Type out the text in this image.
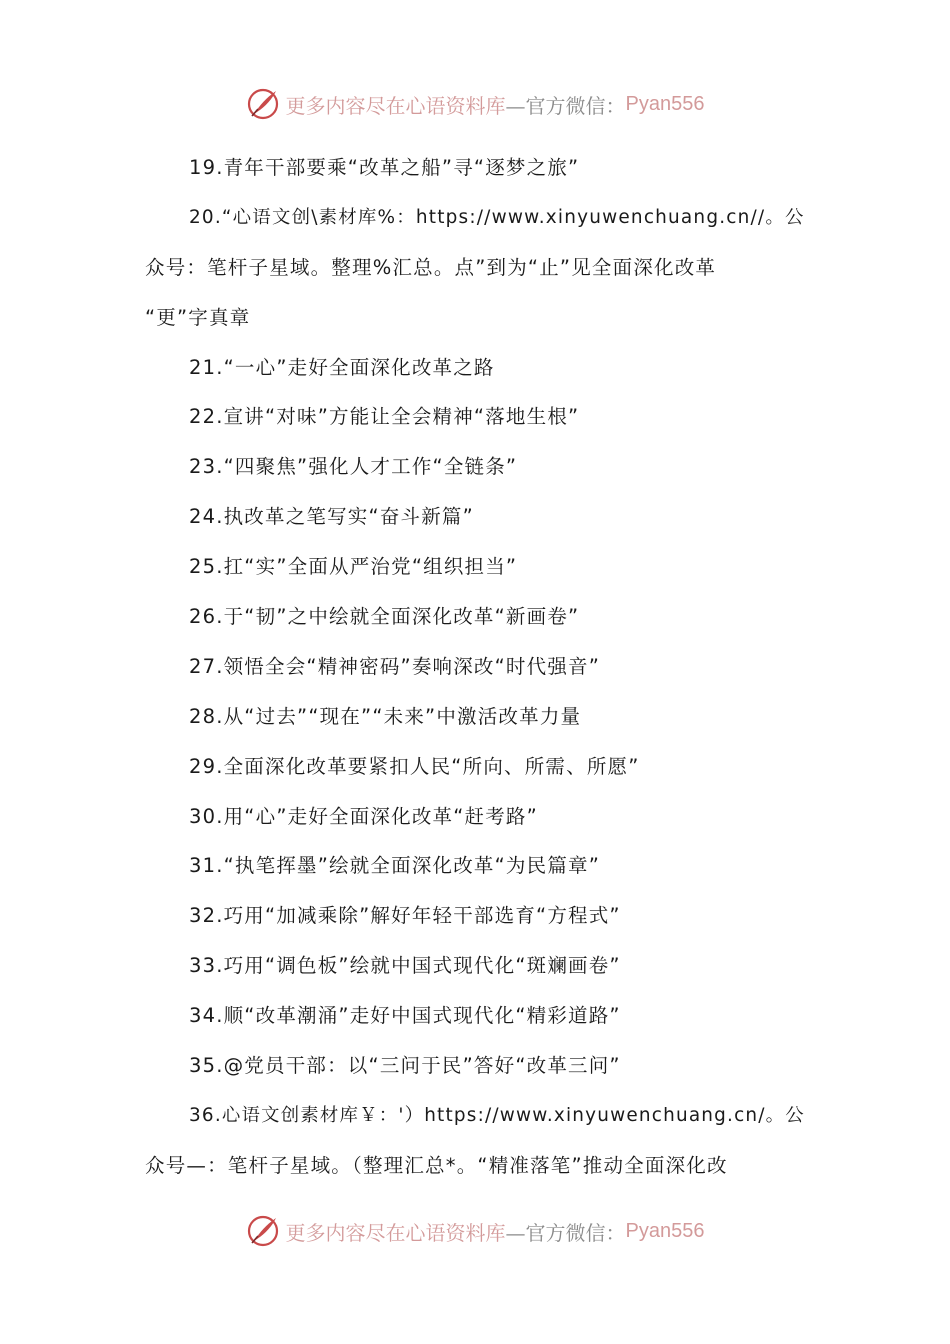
更多内容尽在心语资料库 —官方微信： Pyan556
19.青年干部要乘“改革之船”寻“逐梦之旅”
20.“心语文创\素材库%：https://www.xinyuwenchuang.cn//。公
众号：笔杆子星域。整理%汇总。点”到为“止”见全面深化改革
“更”字真章
21.“一心”走好全面深化改革之路
22.宣讲“对味”方能让全会精神“落地生根”
23.“四聚焦”强化人才工作“全链条”
24.执改革之笔写实“奋斗新篇”
25.扛“实”全面从严治党“组织担当”
26.于“韧”之中绘就全面深化改革“新画卷”
27.领悟全会“精神密码”奏响深改“时代强音”
28.从“过去”“现在”“未来”中激活改革力量
29.全面深化改革要紧扣人民“所向、所需、所愿”
30.用“心”走好全面深化改革“赶考路”
31.“执笔挥墨”绘就全面深化改革“为民篇章”
32.巧用“加减乘除”解好年轻干部选育“方程式”
33.巧用“调色板”绘就中国式现代化“斑斓画卷”
34.顺“改革潮涌”走好中国式现代化“精彩道路”
35.@党员干部：以“三问于民”答好“改革三问”
36.心语文创素材库￥：'）https://www.xinyuwenchuang.cn/。公
众号—：笔杆子星域。（整理汇总*。“精准落笔”推动全面深化改
更多内容尽在心语资料库 —官方微信： Pyan556
